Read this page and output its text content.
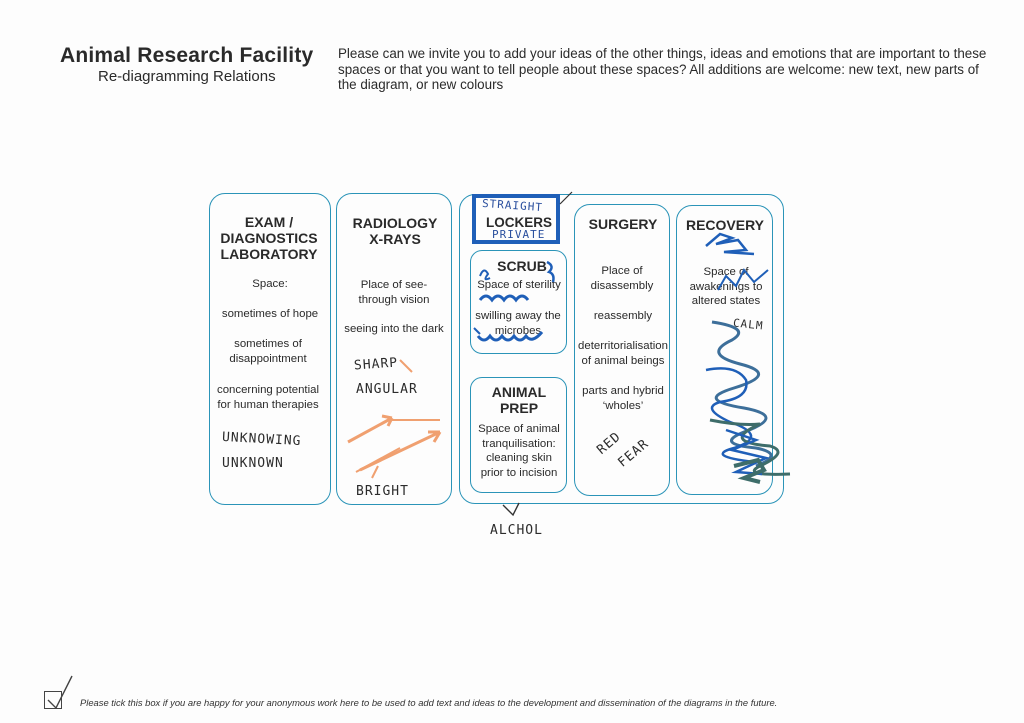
Animal Research Facility
Re-diagramming Relations
Please can we invite you to add your ideas of the other things, ideas and emotions that are important to these spaces or that you want to tell people about these spaces? All additions are welcome: new text, new parts of the diagram, or new colours
EXAM / DIAGNOSTICS LABORATORY
Space:
sometimes of hope
sometimes of disappointment
concerning potential for human therapies
UNKNOWING
UNKNOWN
RADIOLOGY X-RAYS
Place of see-through vision
seeing into the dark
SHARP
ANGULAR
BRIGHT
LOCKERS
STRAIGHT
PRIVATE
SCRUB
Space of sterility
swilling away the microbes
ANIMAL PREP
Space of animal tranquilisation: cleaning skin prior to incision
ALCHOL
SURGERY
Place of disassembly
reassembly
deterritorialisation of animal beings
parts and hybrid ‘wholes’
RED
FEAR
RECOVERY
Space of awakenings to altered states
CALM
Please tick this box if you are happy for your anonymous work here to be used to add text and ideas to the development and dissemination of the diagrams in the future.
